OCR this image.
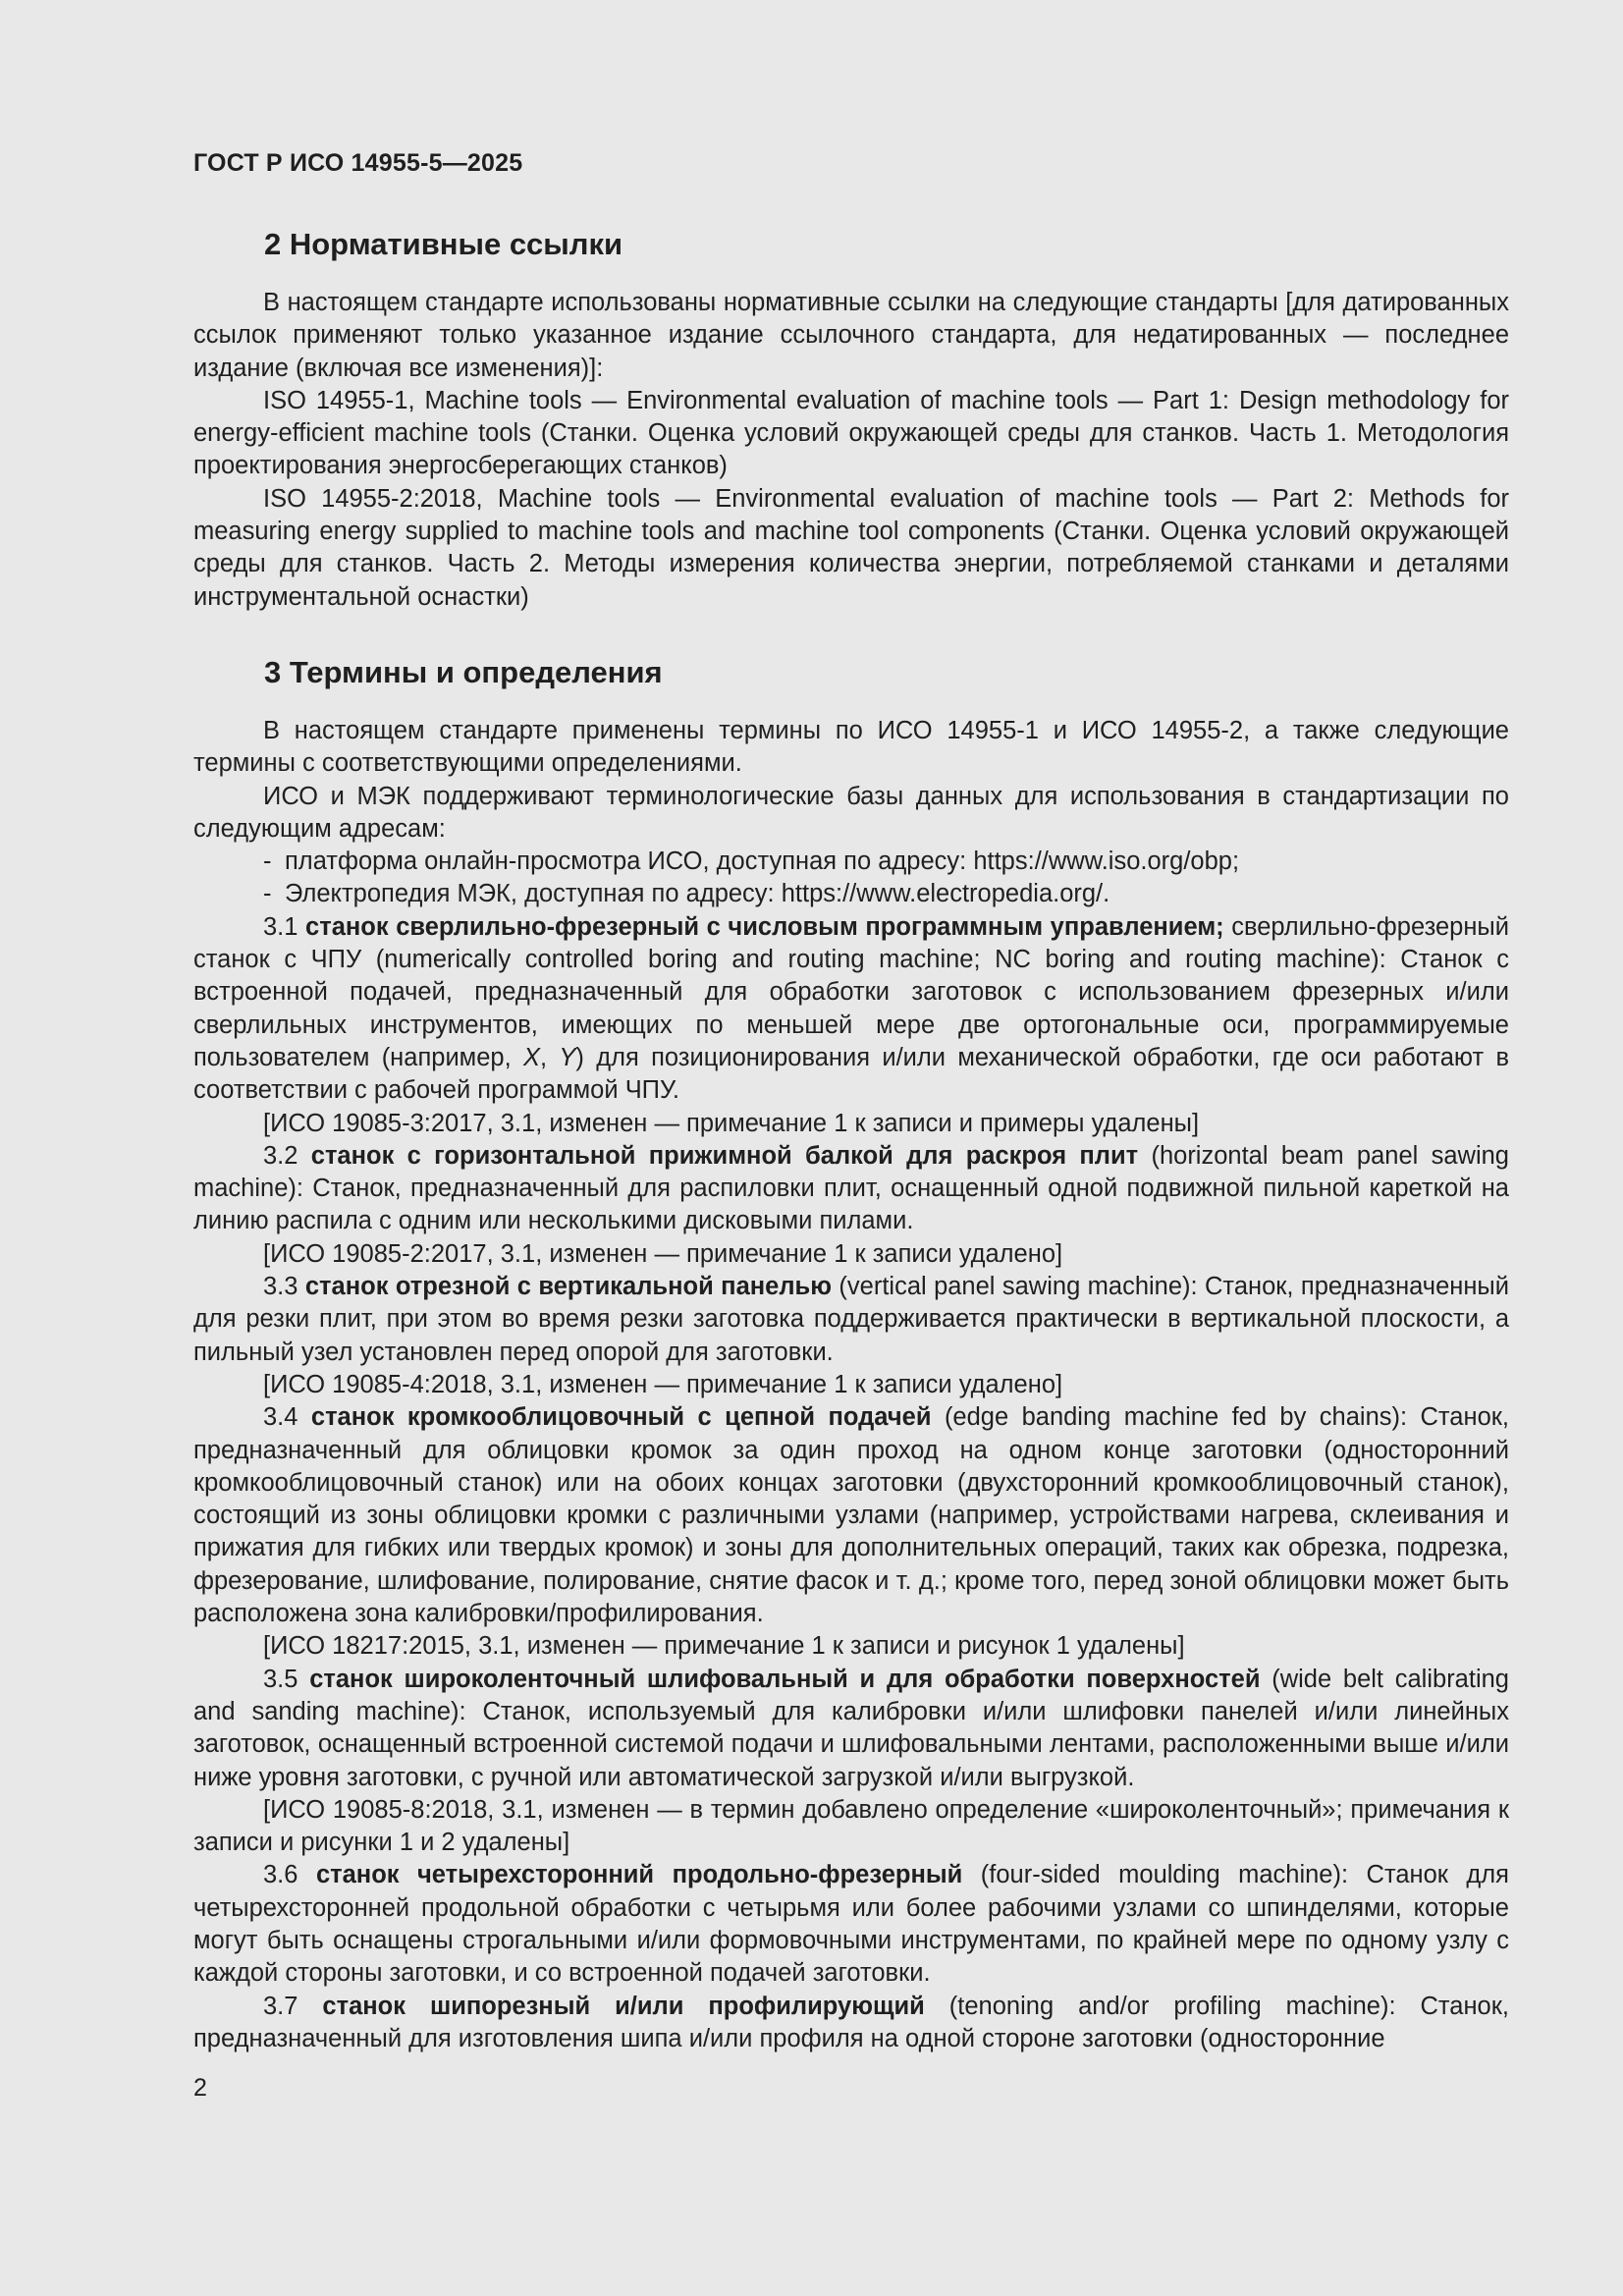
ГОСТ Р ИСО 14955-5—2025
2 Нормативные ссылки

В настоящем стандарте использованы нормативные ссылки на следующие стандарты [для датированных ссылок применяют только указанное издание ссылочного стандарта, для недатированных — последнее издание (включая все изменения)]:

ISO 14955-1, Machine tools — Environmental evaluation of machine tools — Part 1: Design methodology for energy-efficient machine tools (Станки. Оценка условий окружающей среды для станков. Часть 1. Методология проектирования энергосберегающих станков)

ISO 14955-2:2018, Machine tools — Environmental evaluation of machine tools — Part 2: Methods for measuring energy supplied to machine tools and machine tool components (Станки. Оценка условий окружающей среды для станков. Часть 2. Методы измерения количества энергии, потребляемой станками и деталями инструментальной оснастки)

3 Термины и определения

В настоящем стандарте применены термины по ИСО 14955-1 и ИСО 14955-2, а также следующие термины с соответствующими определениями.

ИСО и МЭК поддерживают терминологические базы данных для использования в стандартизации по следующим адресам:

- платформа онлайн-просмотра ИСО, доступная по адресу: https://www.iso.org/obp;

- Электропедия МЭК, доступная по адресу: https://www.electropedia.org/.

3.1 станок сверлильно-фрезерный с числовым программным управлением; сверлильно-фрезерный станок с ЧПУ (numerically controlled boring and routing machine; NC boring and routing machine): Станок с встроенной подачей, предназначенный для обработки заготовок с использованием фрезерных и/или сверлильных инструментов, имеющих по меньшей мере две ортогональные оси, программируемые пользователем (например, X, Y) для позиционирования и/или механической обработки, где оси работают в соответствии с рабочей программой ЧПУ.

[ИСО 19085-3:2017, 3.1, изменен — примечание 1 к записи и примеры удалены]

3.2 станок с горизонтальной прижимной балкой для раскроя плит (horizontal beam panel sawing machine): Станок, предназначенный для распиловки плит, оснащенный одной подвижной пильной кареткой на линию распила с одним или несколькими дисковыми пилами.

[ИСО 19085-2:2017, 3.1, изменен — примечание 1 к записи удалено]

3.3 станок отрезной с вертикальной панелью (vertical panel sawing machine): Станок, предназначенный для резки плит, при этом во время резки заготовка поддерживается практически в вертикальной плоскости, а пильный узел установлен перед опорой для заготовки.

[ИСО 19085-4:2018, 3.1, изменен — примечание 1 к записи удалено]

3.4 станок кромкооблицовочный с цепной подачей (edge banding machine fed by chains): Станок, предназначенный для облицовки кромок за один проход на одном конце заготовки (односторонний кромкооблицовочный станок) или на обоих концах заготовки (двухсторонний кромкооблицовочный станок), состоящий из зоны облицовки кромки с различными узлами (например, устройствами нагрева, склеивания и прижатия для гибких или твердых кромок) и зоны для дополнительных операций, таких как обрезка, подрезка, фрезерование, шлифование, полирование, снятие фасок и т. д.; кроме того, перед зоной облицовки может быть расположена зона калибровки/профилирования.

[ИСО 18217:2015, 3.1, изменен — примечание 1 к записи и рисунок 1 удалены]

3.5 станок широколенточный шлифовальный и для обработки поверхностей (wide belt calibrating and sanding machine): Станок, используемый для калибровки и/или шлифовки панелей и/или линейных заготовок, оснащенный встроенной системой подачи и шлифовальными лентами, расположенными выше и/или ниже уровня заготовки, с ручной или автоматической загрузкой и/или выгрузкой.

[ИСО 19085-8:2018, 3.1, изменен — в термин добавлено определение «широколенточный»; примечания к записи и рисунки 1 и 2 удалены]

3.6 станок четырехсторонний продольно-фрезерный (four-sided moulding machine): Станок для четырехсторонней продольной обработки с четырьмя или более рабочими узлами со шпинделями, которые могут быть оснащены строгальными и/или формовочными инструментами, по крайней мере по одному узлу с каждой стороны заготовки, и со встроенной подачей заготовки.

3.7 станок шипорезный и/или профилирующий (tenoning and/or profiling machine): Станок, предназначенный для изготовления шипа и/или профиля на одной стороне заготовки (односторонние

2
